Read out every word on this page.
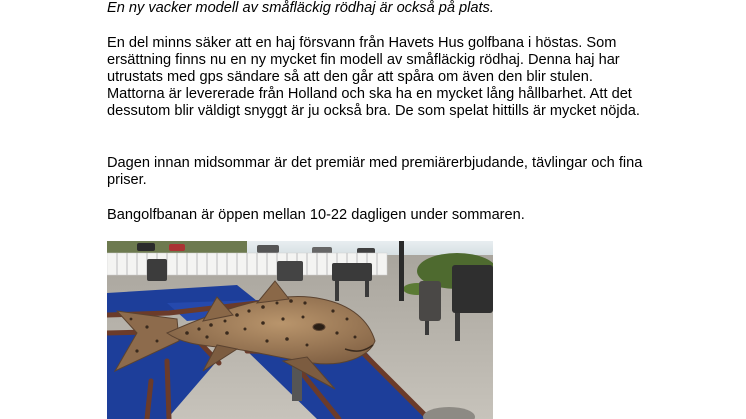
En ny vacker modell av småfläckig rödhaj är också på plats.

En del minns säker att en haj försvann från Havets Hus golfbana i höstas. Som ersättning finns nu en ny mycket fin modell av småfläckig rödhaj. Denna haj har utrustats med gps sändare så att den går att spåra om även den blir stulen. Mattorna är levererade från Holland och ska ha en mycket lång hållbarhet. Att det dessutom blir väldigt snyggt är ju också bra. De som spelat hittills är mycket nöjda.

Dagen innan midsommar är det premiär med premiärerbjudande, tävlingar och fina priser.

Bangolfbanan är öppen mellan 10-22 dagligen under sommaren.
